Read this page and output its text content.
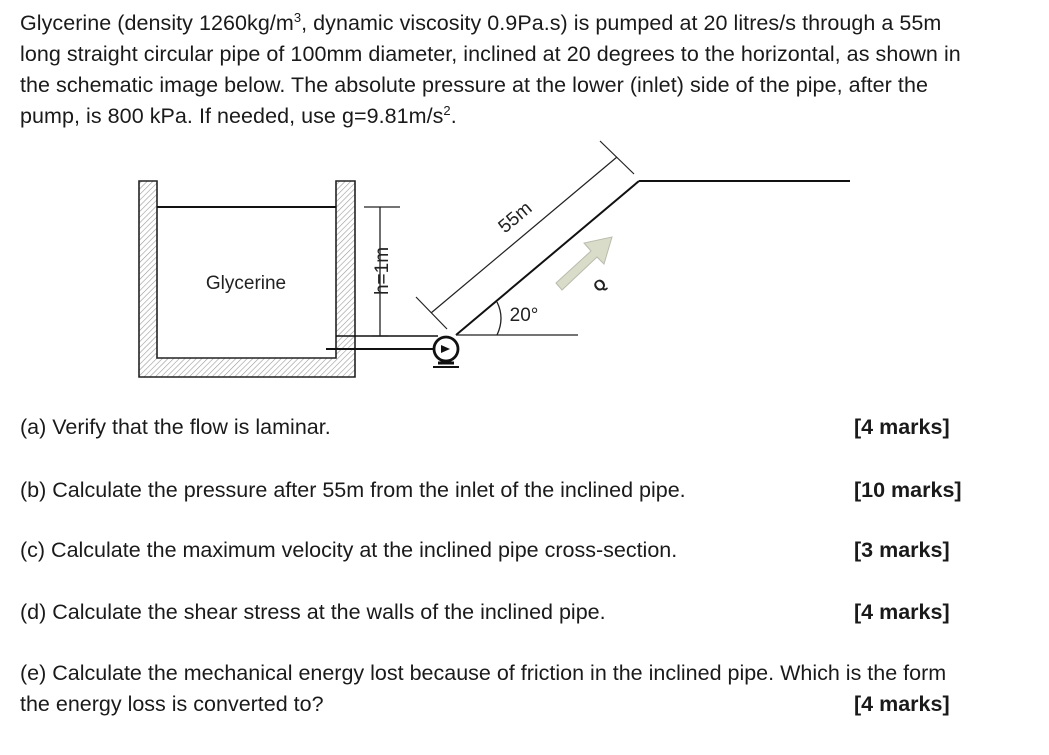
Glycerine (density $1260kg/m^3$, dynamic viscosity 0.9Pa.s) is pumped at 20 litres/s through a 55m long straight circular pipe of 100mm diameter, inclined at 20 degrees to the horizontal, as shown in the schematic image below. The absolute pressure at the lower (inlet) side of the pipe, after the pump, is 800 kPa. If needed, use $g=9.81m/s^2$.
Glycerine	h=1m
55m
20°
Q
(a) Verify that the flow is laminar.	[4 marks]
(b) Calculate the pressure after 55m from the inlet of the inclined pipe.	[10 marks]
(c) Calculate the maximum velocity at the inclined pipe cross-section.	[3 marks]
(d) Calculate the shear stress at the walls of the inclined pipe.	[4 marks]
(e) Calculate the mechanical energy lost because of friction in the inclined pipe. Which is the form the energy loss is converted to?	[4 marks]
